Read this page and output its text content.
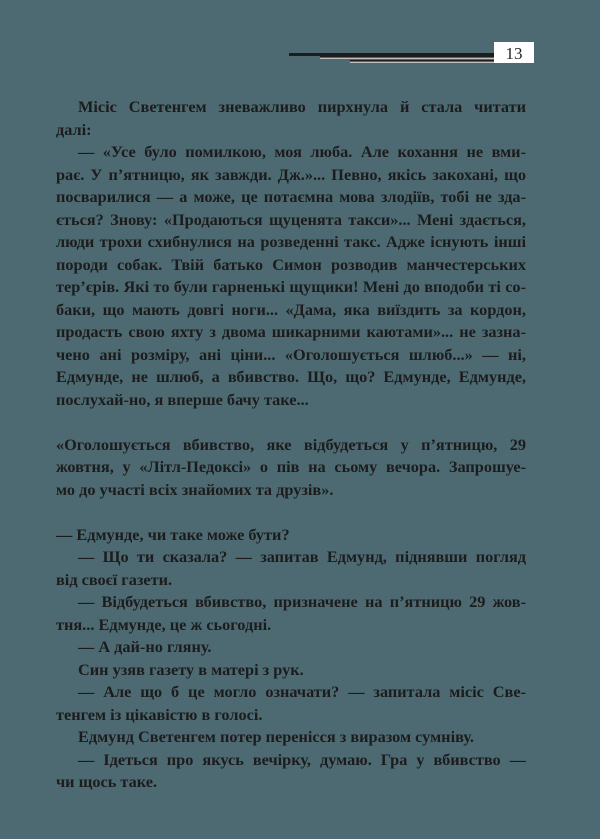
13
Місіс Светенгем зневажливо пирхнула й стала читати
далі:
— «Усе було помилкою, моя люба. Але кохання не вми-
рає. У п’ятницю, як завжди. Дж.»... Певно, якісь закохані, що
посварилися — а може, це потаємна мова злодіїв, тобі не зда-
ється? Знову: «Продаються щуценята такси»... Мені здається,
люди трохи схибнулися на розведенні такс. Адже існують інші
породи собак. Твій батько Симон розводив манчестерських
тер’єрів. Які то були гарненькі щущики! Мені до вподоби ті со-
баки, що мають довгі ноги... «Дама, яка виїздить за кордон,
продасть свою яхту з двома шикарними каютами»... не зазна-
чено ані розміру, ані ціни... «Оголошується шлюб...» — ні,
Едмунде, не шлюб, а вбивство. Що, що? Едмунде, Едмунде,
послухай-но, я вперше бачу таке...
«Оголошується вбивство, яке відбудеться у п’ятницю, 29
жовтня, у «Літл-Педоксі» о пів на сьому вечора. Запрошуе-
мо до участі всіх знайомих та друзів».
— Едмунде, чи таке може бути?
— Що ти сказала? — запитав Едмунд, піднявши погляд
від своєї газети.
— Відбудеться вбивство, призначене на п’ятницю 29 жов-
тня... Едмунде, це ж сьогодні.
— А дай-но гляну.
Син узяв газету в матері з рук.
— Але що б це могло означати? — запитала місіс Све-
тенгем із цікавістю в голосі.
Едмунд Светенгем потер перенісся з виразом сумніву.
— Ідеться про якусь вечірку, думаю. Гра у вбивство —
чи щось таке.
